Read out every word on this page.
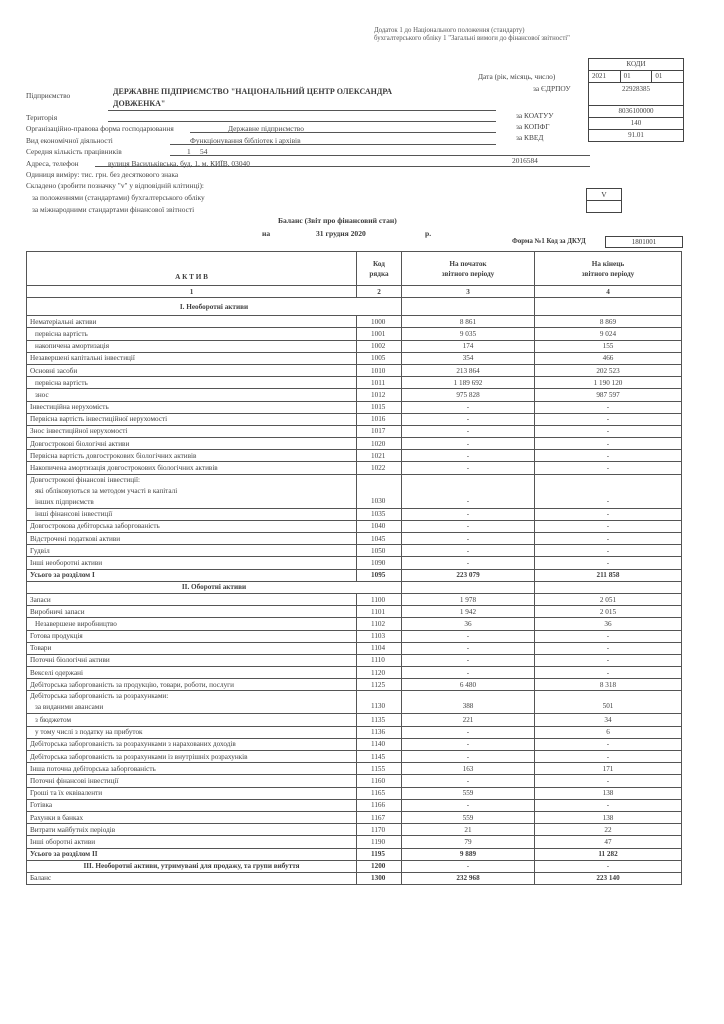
Додаток 1 до Національного положення (стандарту)
бухгалтерського обліку 1 "Загальні вимоги до фінансової звітності"
Дата (рік, місяць, число)
за ЄДРПОУ
за КОАТУУ
за КОПФГ
за КВЕД
КОДИ
2021	01	01
22928385
8036100000
140
91.01
Підприємство	ДЕРЖАВНЕ ПІДПРИЄМСТВО "НАЦІОНАЛЬНИЙ ЦЕНТР ОЛЕКСАНДРА
ДОВЖЕНКА"
Територія
Організаційно-правова форма господарювання	Державне підприємство
Вид економічної діяльності	Функціонування бібліотек і архівів
Середня кількість працівників	1 54
Адреса, телефон	вулиця Васильківська, буд. 1, м. КИЇВ, 03040	2016584
Одиниця виміру: тис. грн. без десяткового знака
Складено (зробити позначку "v" у відповідній клітинці):
за положеннями (стандартами) бухгалтерського обліку
за міжнародними стандартами фінансової звітності
V
Баланс (Звіт про фінансовий стан)
на	31 грудня 2020	р.
Форма №1 Код за ДКУД	1801001
А К Т И В	
Код
рядка

На початок
звітного періоду

На кінець
звітного періоду

1	2	3	4
I. Необоротні активи			
Нематеріальні активи	1000	8 861	8 869
первісна вартість	1001	9 035	9 024
накопичена амортизація	1002	174	155
Незавершені капітальні інвестиції	1005	354	466
Основні засоби	1010	213 864	202 523
первісна вартість	1011	1 189 692	1 190 120
знос	1012	975 828	987 597
Інвестиційна нерухомість	1015	-	-
Первісна вартість інвестиційної нерухомості	1016	-	-
Знос інвестиційної нерухомості	1017	-	-
Довгострокові біологічні активи	1020	-	-
Первісна вартість довгострокових біологічних активів	1021	-	-
Накопичена амортизація довгострокових біологічних активів	1022	-	-

Довгострокові фінансові інвестиції:
які обліковуються за методом участі в капіталі
інших підприємств	1030	-	-
інші фінансові інвестиції	1035	-	-
Довгострокова дебіторська заборгованість	1040	-	-
Відстрочені податкові активи	1045	-	-
Гудвіл	1050	-	-
Інші необоротні активи	1090	-	-
Усього за розділом I	1095	223 079	211 858
II. Оборотні активи			
Запаси	1100	1 978	2 051
Виробничі запаси	1101	1 942	2 015
Незавершене виробництво	1102	36	36
Готова продукція	1103	-	-
Товари	1104	-	-
Поточні біологічні активи	1110	-	-
Векселі одержані	1120	-	-
Дебіторська заборгованість за продукцію, товари, роботи, послуги	1125	6 480	8 318

Дебіторська заборгованість за розрахунками:
за виданими авансами	1130	388	501
з бюджетом	1135	221	34
у тому числі з податку на прибуток	1136	-	6
Дебіторська заборгованість за розрахунками з нарахованих доходів	1140	-	-
Дебіторська заборгованість за розрахунками із внутрішніх розрахунків	1145	-	-
Інша поточна дебіторська заборгованість	1155	163	171
Поточні фінансові інвестиції	1160	-	-
Гроші та їх еквіваленти	1165	559	138
Готівка	1166	-	-
Рахунки в банках	1167	559	138
Витрати майбутніх періодів	1170	21	22
Інші оборотні активи	1190	79	47
Усього за розділом II	1195	9 889	11 282
III. Необоротні активи, утримувані для продажу, та групи вибуття	1200	-	-
Баланс	1300	232 968	223 140
